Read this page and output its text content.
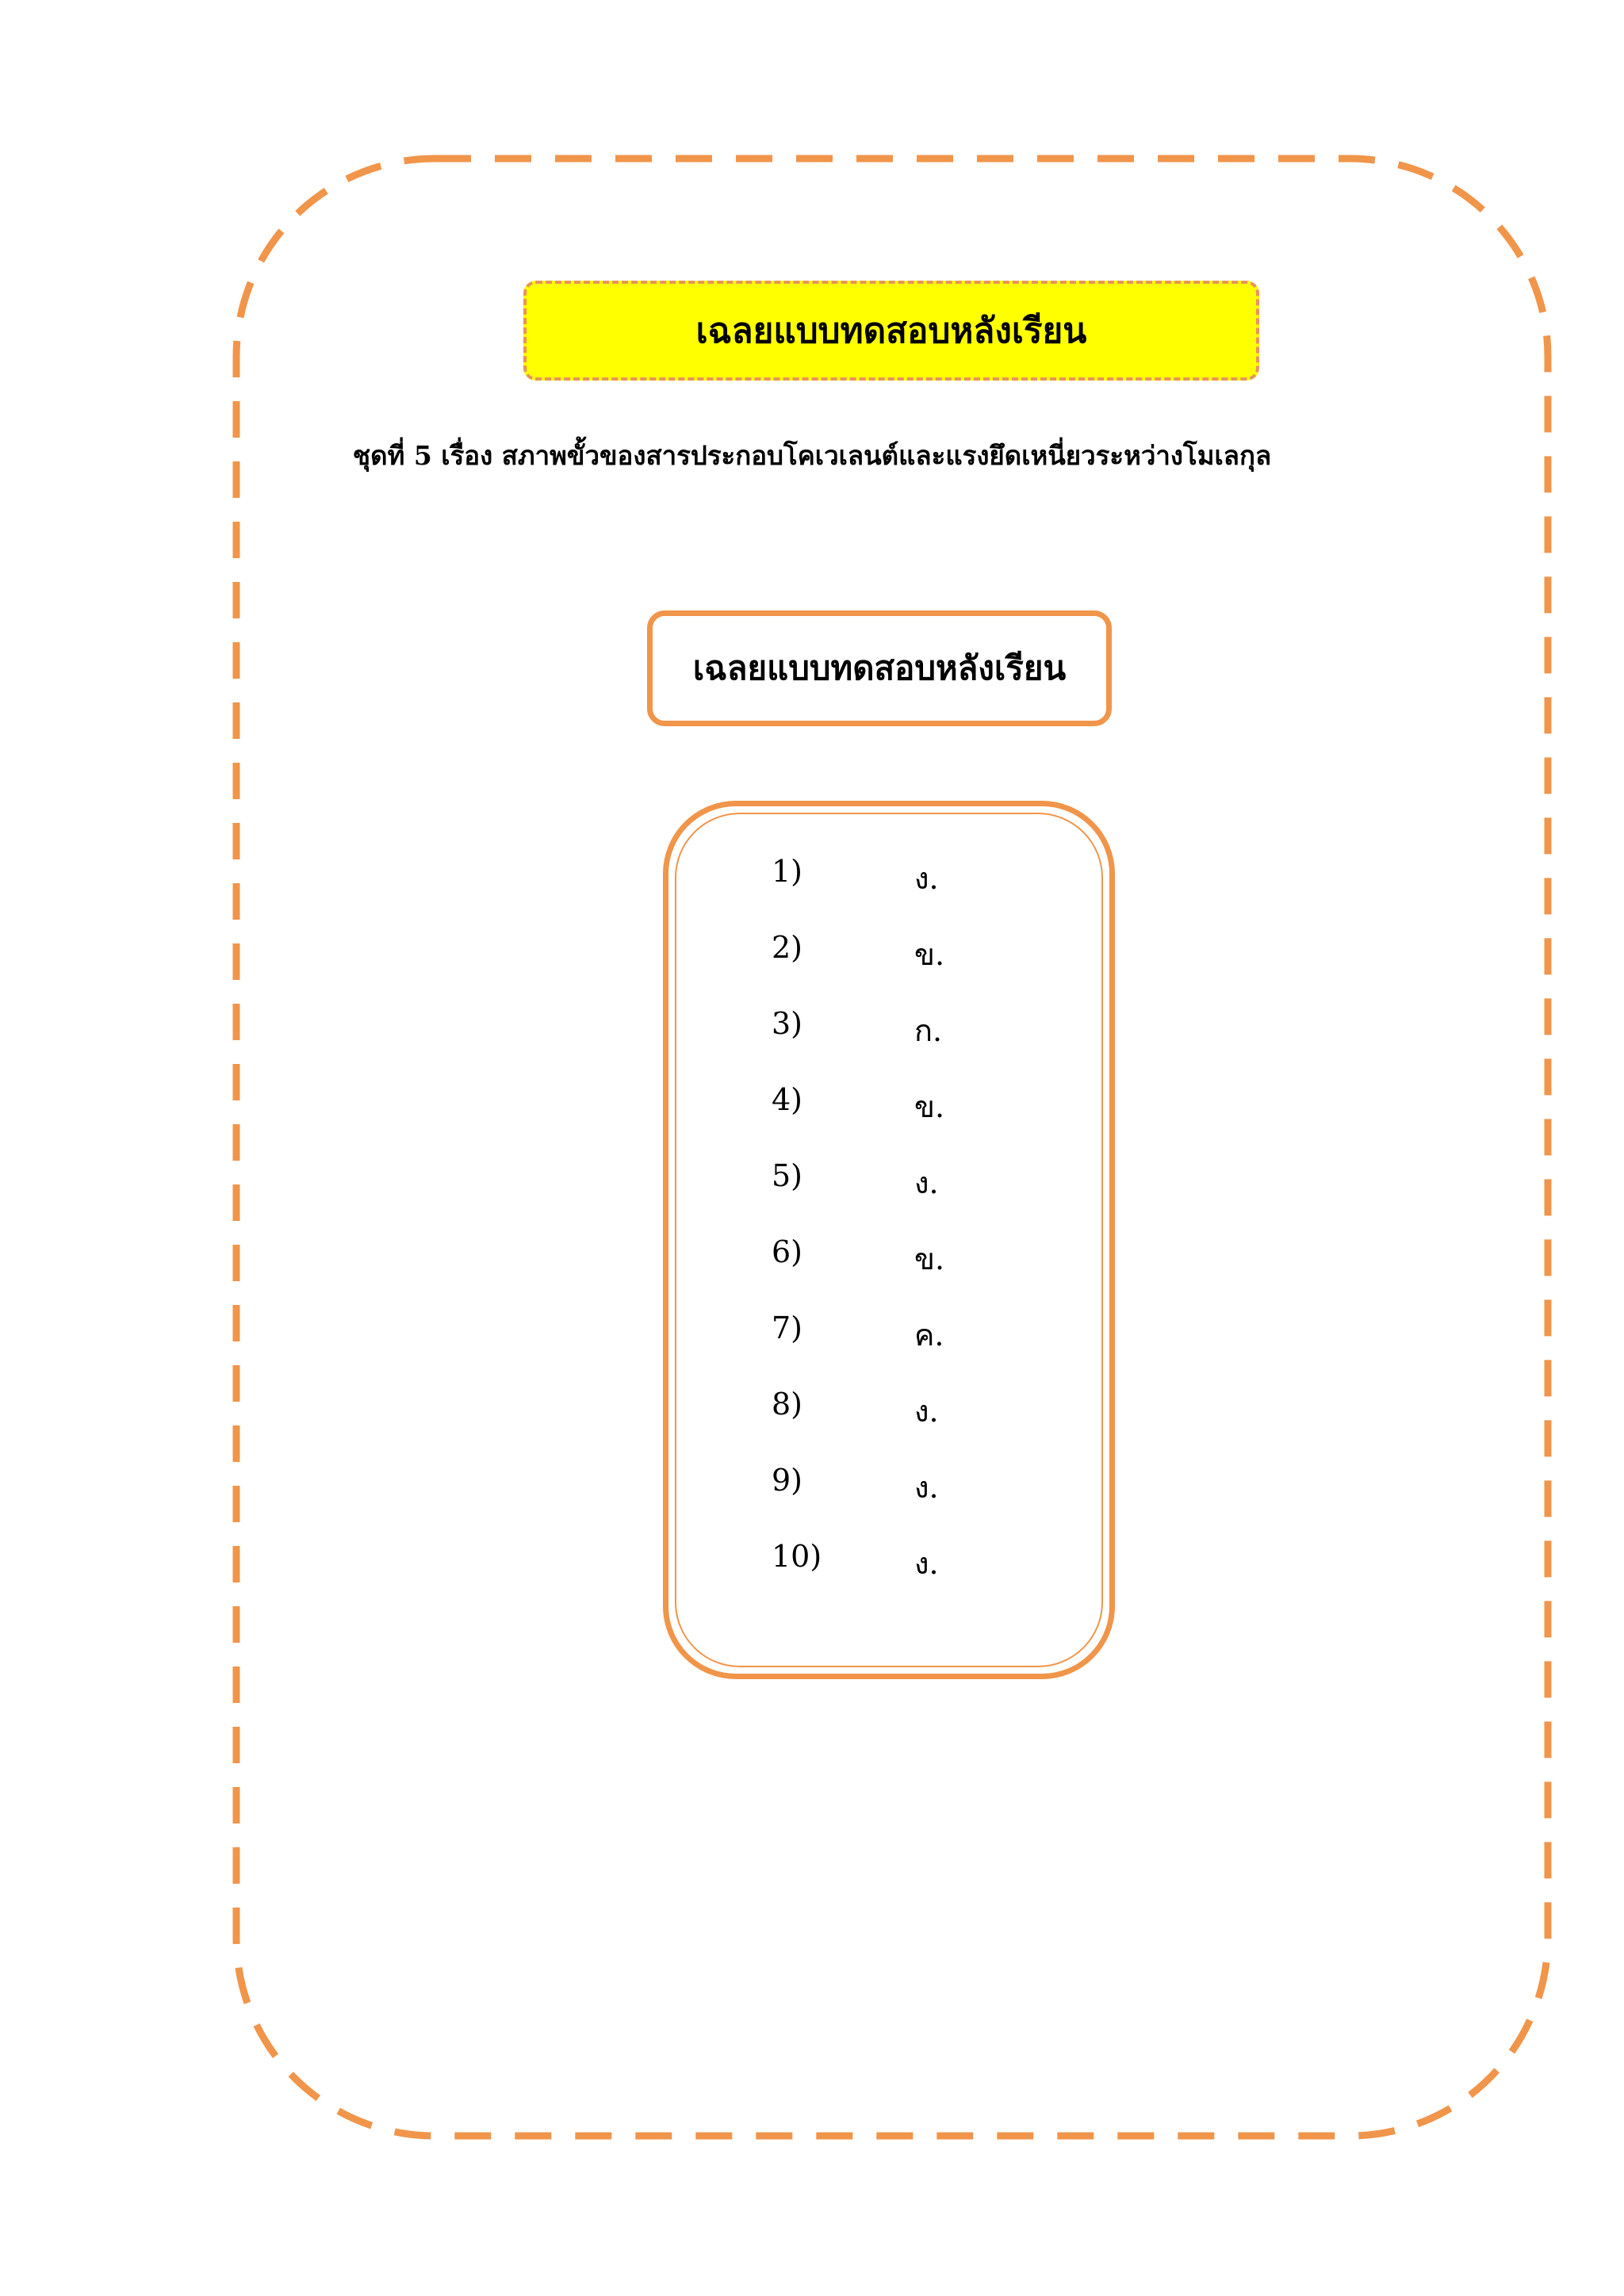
เฉลยแบบทดสอบหลังเรียน
ชุดที่ 5 เรื่อง สภาพขั้วของสารประกอบโคเวเลนต์และแรงยึดเหนี่ยวระหว่างโมเลกุล
เฉลยแบบทดสอบหลังเรียน
1)	ง.
2)	ข.
3)	ก.
4)	ข.
5)	ง.
6)	ข.
7)	ค.
8)	ง.
9)	ง.
10)	ง.
